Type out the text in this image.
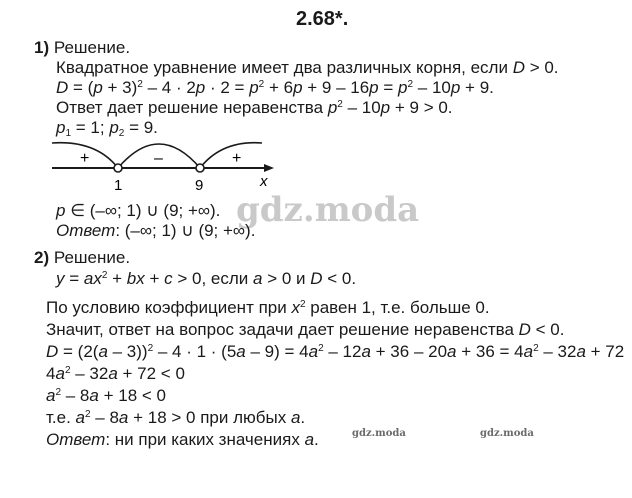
gdz.moda
2.68*.
1) Решение.
Квадратное уравнение имеет два различных корня, если D > 0.
$D = (p + 3)^2 - 4 \cdot 2p \cdot 2 = p^2 + 6p + 9 - 16p = p^2 - 10p + 9$.
Ответ дает решение неравенства $p^2 - 10p + 9 > 0$.
$p_1 = 1$; $p_2 = 9$.
+	–	+
1	9	x
p ∈ (–∞; 1) ∪ (9; +∞).
Ответ: (–∞; 1) ∪ (9; +∞).
2) Решение.
$y = ax^2$ + bx + c > 0, если a > 0 и D < 0.
По условию коэффициент при $x^2$ равен 1, т.е. больше 0.
Значит, ответ на вопрос задачи дает решение неравенства D < 0.
$D = (2(a - 3))^2 - 4 \cdot 1 \cdot (5a - 9) = 4a^2 - 12a + 36 - 20a + 36 = 4a^2 - 32a + 72$
$4a^2 - 32a + 72 < 0$
$a^2 - 8a + 18 < 0$
т.е. $a^2 - 8a + 18 > 0$ при любых a.
Ответ: ни при каких значениях a.	gdz.moda	gdz.moda
